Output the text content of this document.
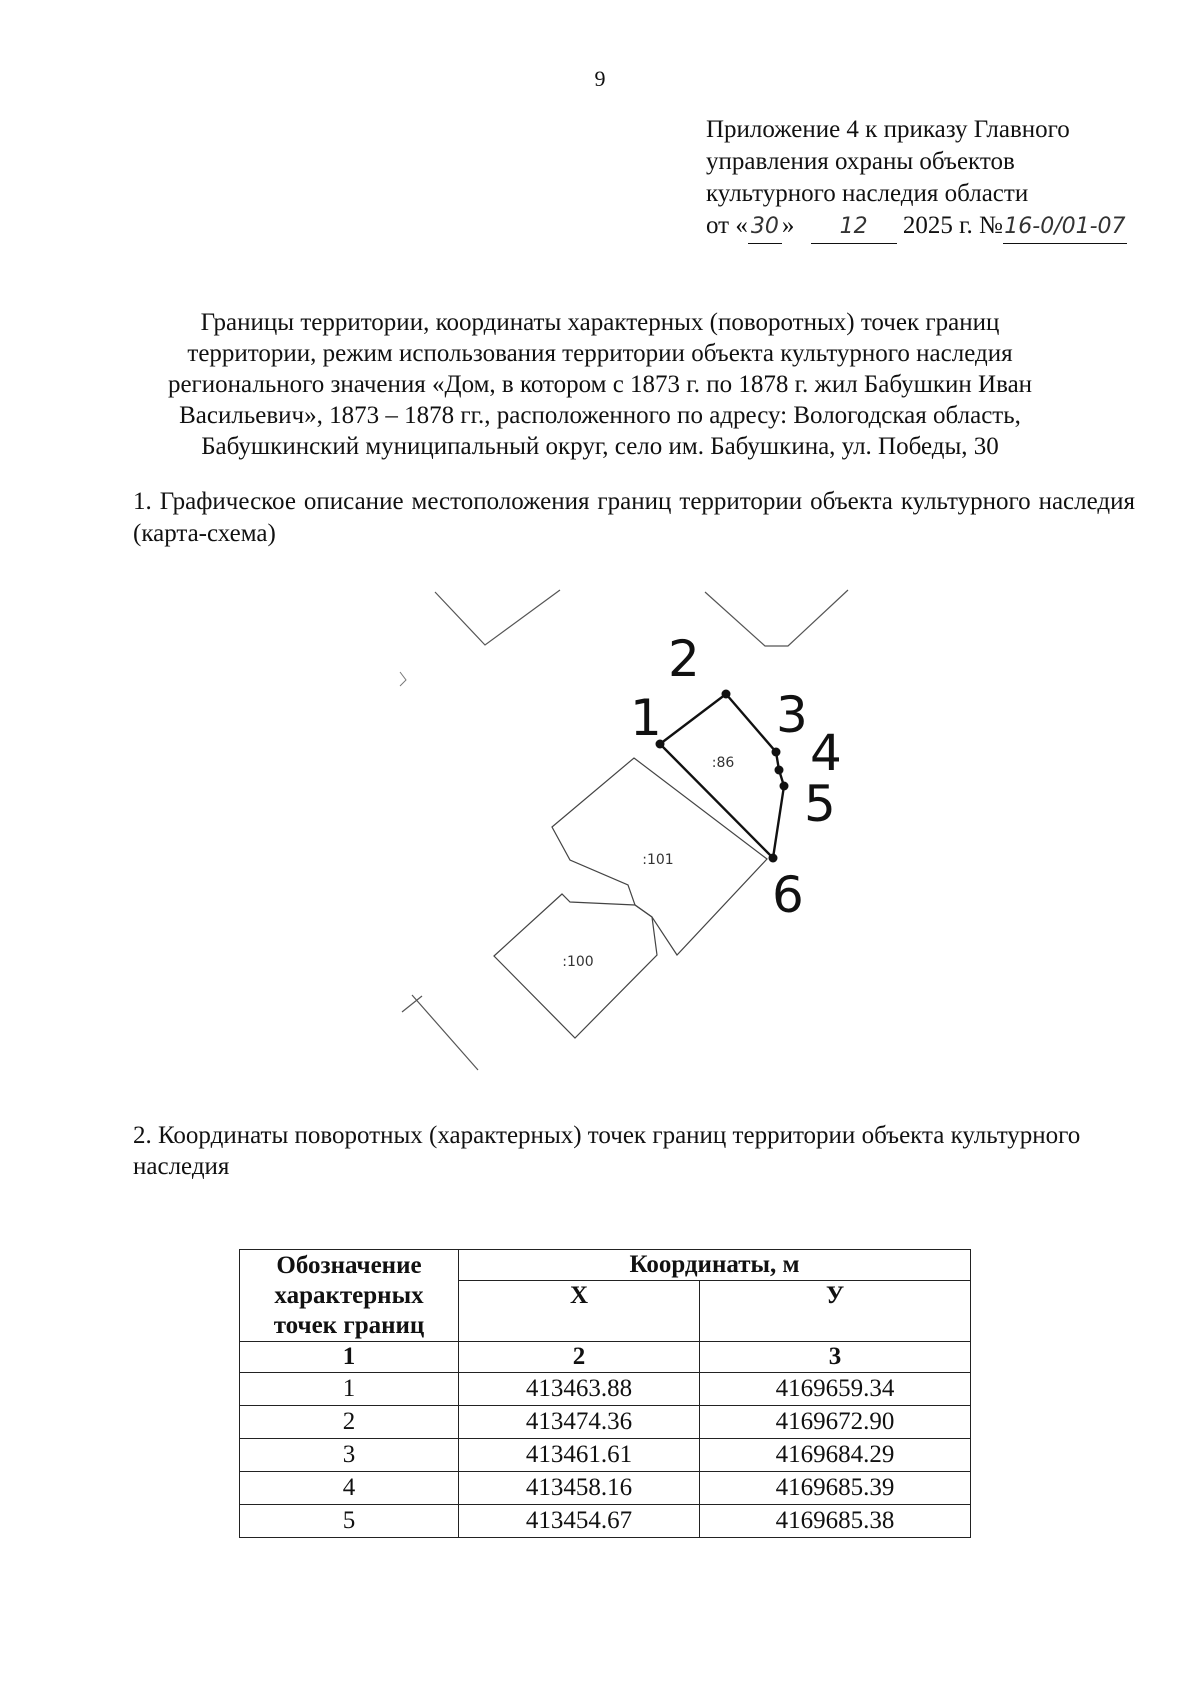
9
Приложение 4 к приказу Главного
управления охраны объектов
культурного наследия области
от « 30 » 12 2025 г. №16-0/01-07
Границы территории, координаты характерных (поворотных) точек границ
территории, режим использования территории объекта культурного наследия
регионального значения «Дом, в котором с 1873 г. по 1878 г. жил Бабушкин Иван
Васильевич», 1873 – 1878 гг., расположенного по адресу: Вологодская область,
Бабушкинский муниципальный округ, село им. Бабушкина, ул. Победы, 30
1. Графическое описание местоположения границ территории объекта культурного наследия (карта-схема)
:86
:101
:100
1
2
3
4
5
6
2. Координаты поворотных (характерных) точек границ территории объекта культурного наследия
Обозначение
характерных
точек границ	Координаты, м	
	X	У
1	2	3
1	413463.88	4169659.34
2	413474.36	4169672.90
3	413461.61	4169684.29
4	413458.16	4169685.39
5	413454.67	4169685.38
